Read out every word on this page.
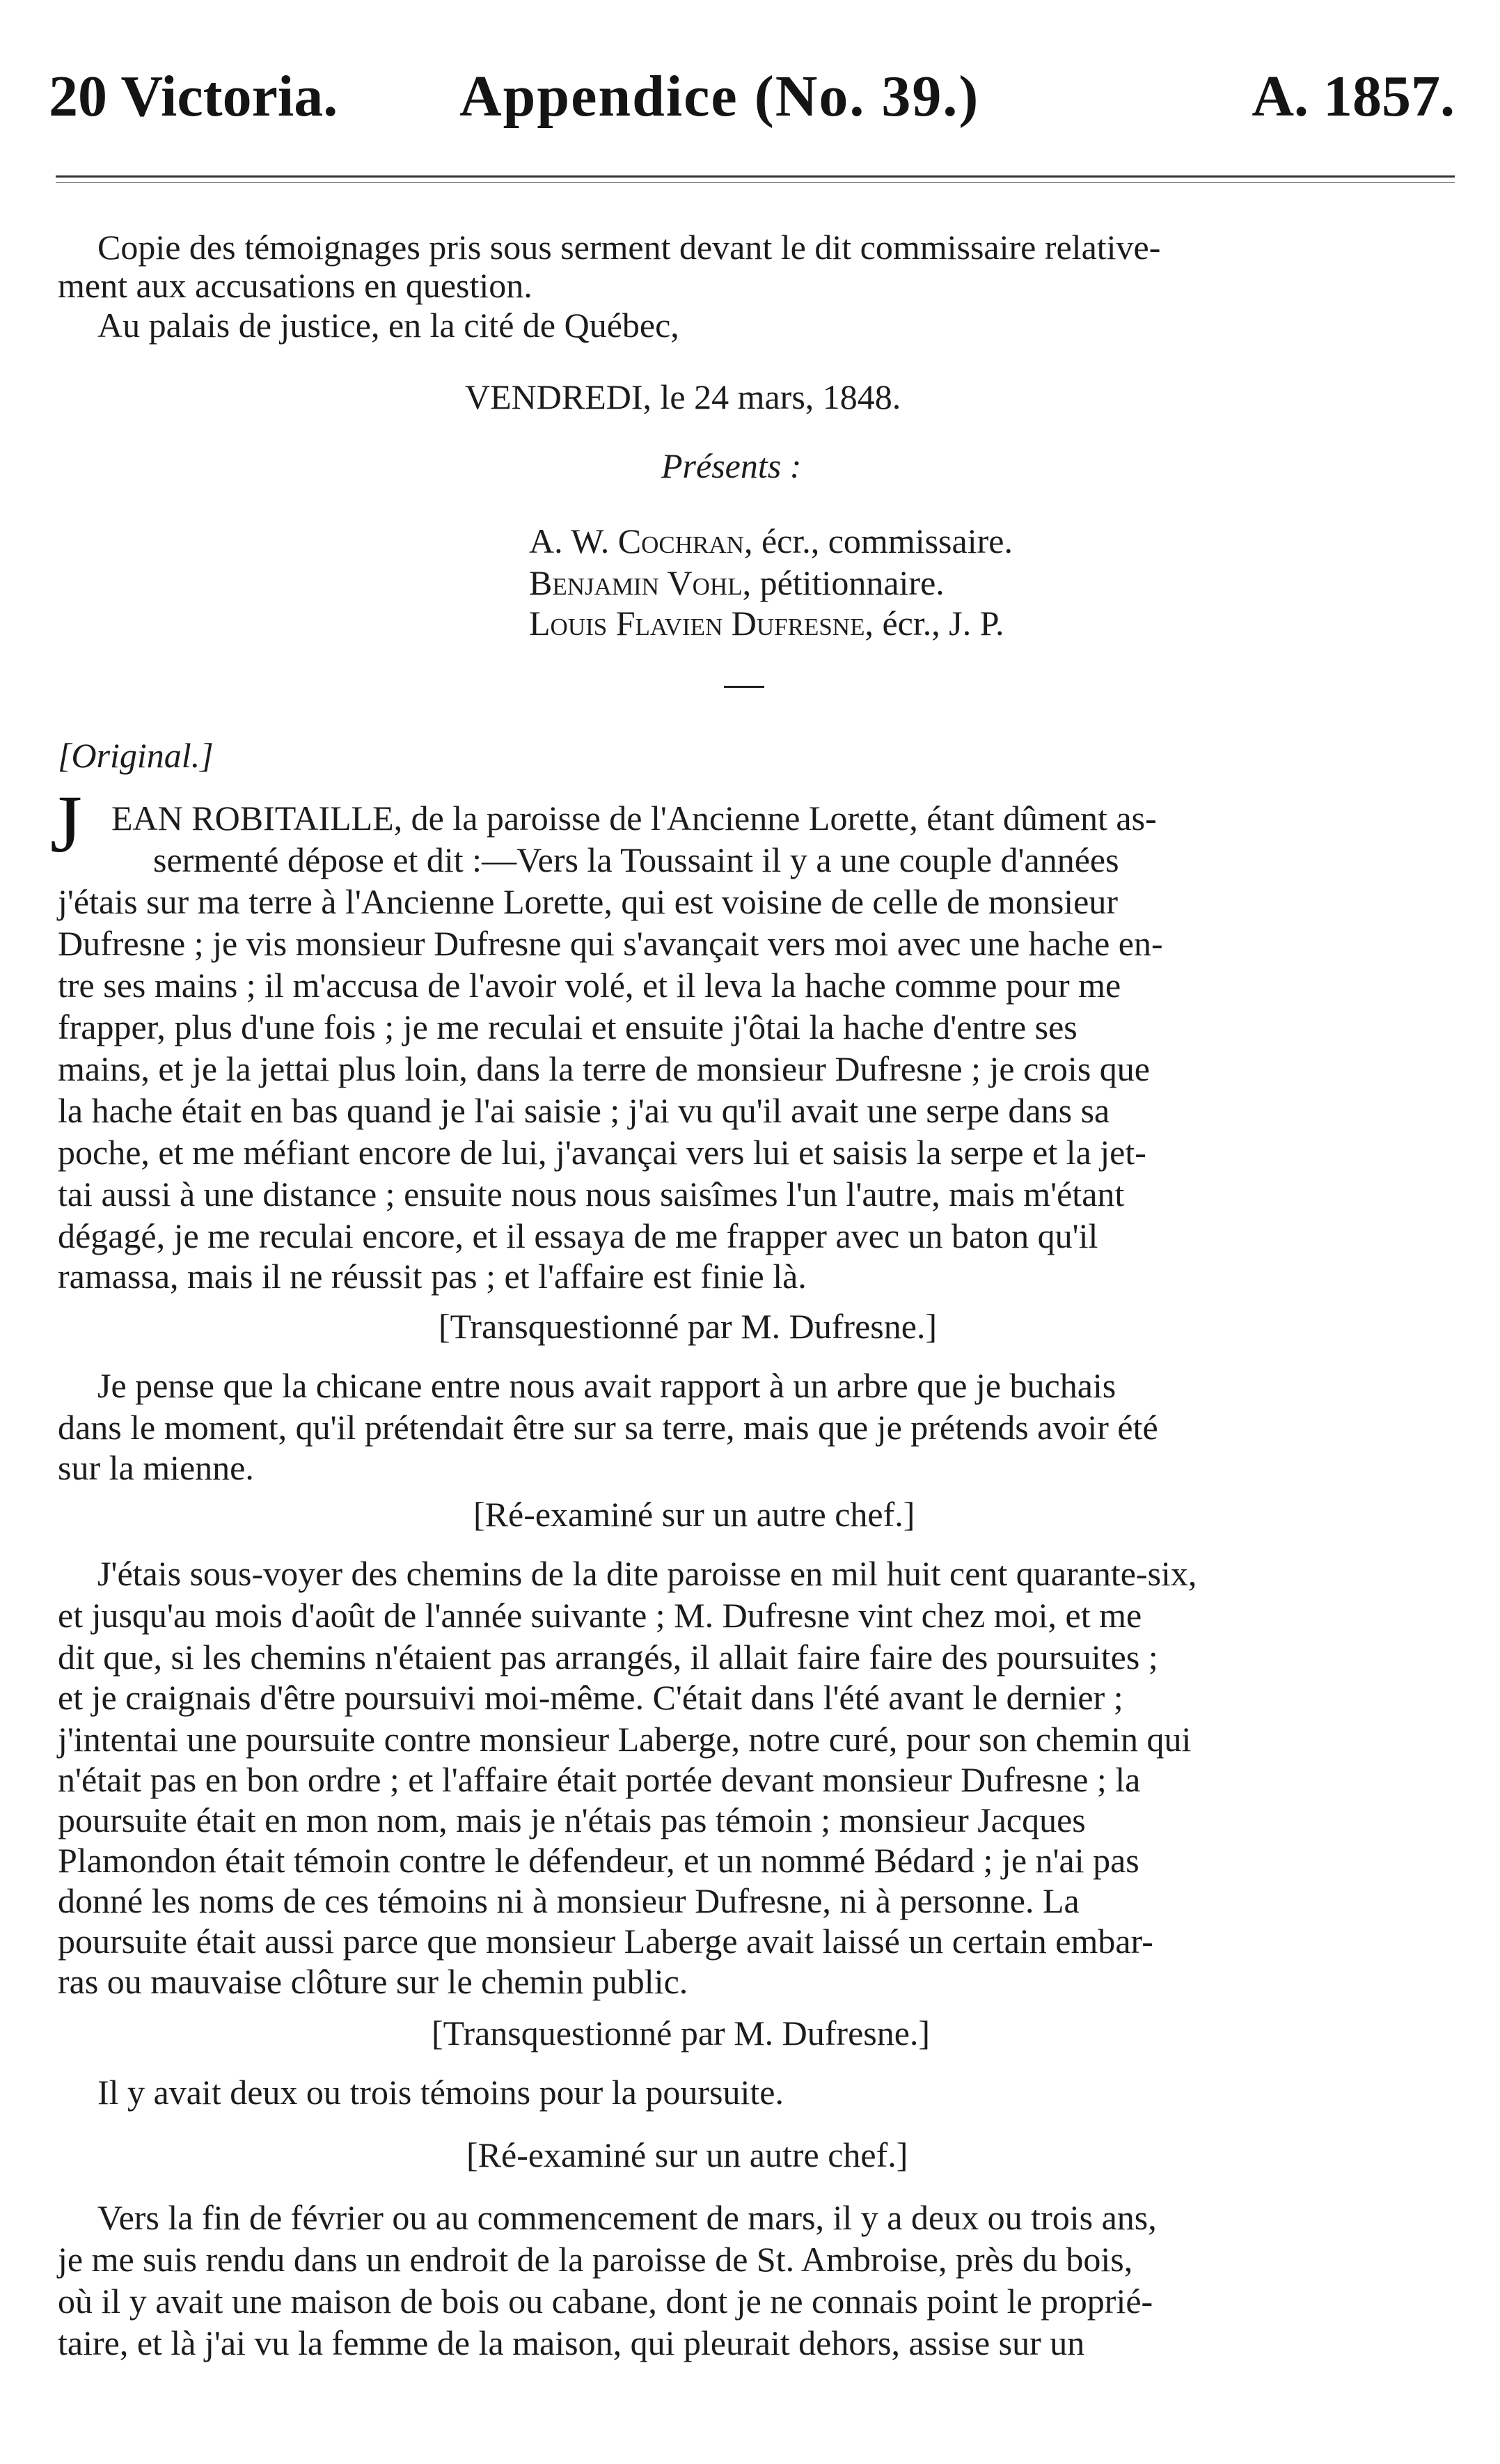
20 Victoria. Appendice (No. 39.)	A. 1857.
Copie des témoignages pris sous serment devant le dit commissaire relative-
ment aux accusations en question.
Au palais de justice, en la cité de Québec,
VENDREDI, le 24 mars, 1848.
Présents :
A. W. Cochran, écr., commissaire.
Benjamin Vohl, pétitionnaire.
Louis Flavien Dufresne, écr., J. P.
[Original.]
J EAN ROBITAILLE, de la paroisse de l'Ancienne Lorette, étant dûment as-
sermenté dépose et dit :—Vers la Toussaint il y a une couple d'années
j'étais sur ma terre à l'Ancienne Lorette, qui est voisine de celle de monsieur
Dufresne ; je vis monsieur Dufresne qui s'avançait vers moi avec une hache en-
tre ses mains ; il m'accusa de l'avoir volé, et il leva la hache comme pour me
frapper, plus d'une fois ; je me reculai et ensuite j'ôtai la hache d'entre ses
mains, et je la jettai plus loin, dans la terre de monsieur Dufresne ; je crois que
la hache était en bas quand je l'ai saisie ; j'ai vu qu'il avait une serpe dans sa
poche, et me méfiant encore de lui, j'avançai vers lui et saisis la serpe et la jet-
tai aussi à une distance ; ensuite nous nous saisîmes l'un l'autre, mais m'étant
dégagé, je me reculai encore, et il essaya de me frapper avec un baton qu'il
ramassa, mais il ne réussit pas ; et l'affaire est finie là.
[Transquestionné par M. Dufresne.]
Je pense que la chicane entre nous avait rapport à un arbre que je buchais
dans le moment, qu'il prétendait être sur sa terre, mais que je prétends avoir été
sur la mienne.
[Ré-examiné sur un autre chef.]
J'étais sous-voyer des chemins de la dite paroisse en mil huit cent quarante-six,
et jusqu'au mois d'août de l'année suivante ; M. Dufresne vint chez moi, et me
dit que, si les chemins n'étaient pas arrangés, il allait faire faire des poursuites ;
et je craignais d'être poursuivi moi-même. C'était dans l'été avant le dernier ;
j'intentai une poursuite contre monsieur Laberge, notre curé, pour son chemin qui
n'était pas en bon ordre ; et l'affaire était portée devant monsieur Dufresne ; la
poursuite était en mon nom, mais je n'étais pas témoin ; monsieur Jacques
Plamondon était témoin contre le défendeur, et un nommé Bédard ; je n'ai pas
donné les noms de ces témoins ni à monsieur Dufresne, ni à personne. La
poursuite était aussi parce que monsieur Laberge avait laissé un certain embar-
ras ou mauvaise clôture sur le chemin public.
[Transquestionné par M. Dufresne.]
Il y avait deux ou trois témoins pour la poursuite.
[Ré-examiné sur un autre chef.]
Vers la fin de février ou au commencement de mars, il y a deux ou trois ans,
je me suis rendu dans un endroit de la paroisse de St. Ambroise, près du bois,
où il y avait une maison de bois ou cabane, dont je ne connais point le proprié-
taire, et là j'ai vu la femme de la maison, qui pleurait dehors, assise sur un
